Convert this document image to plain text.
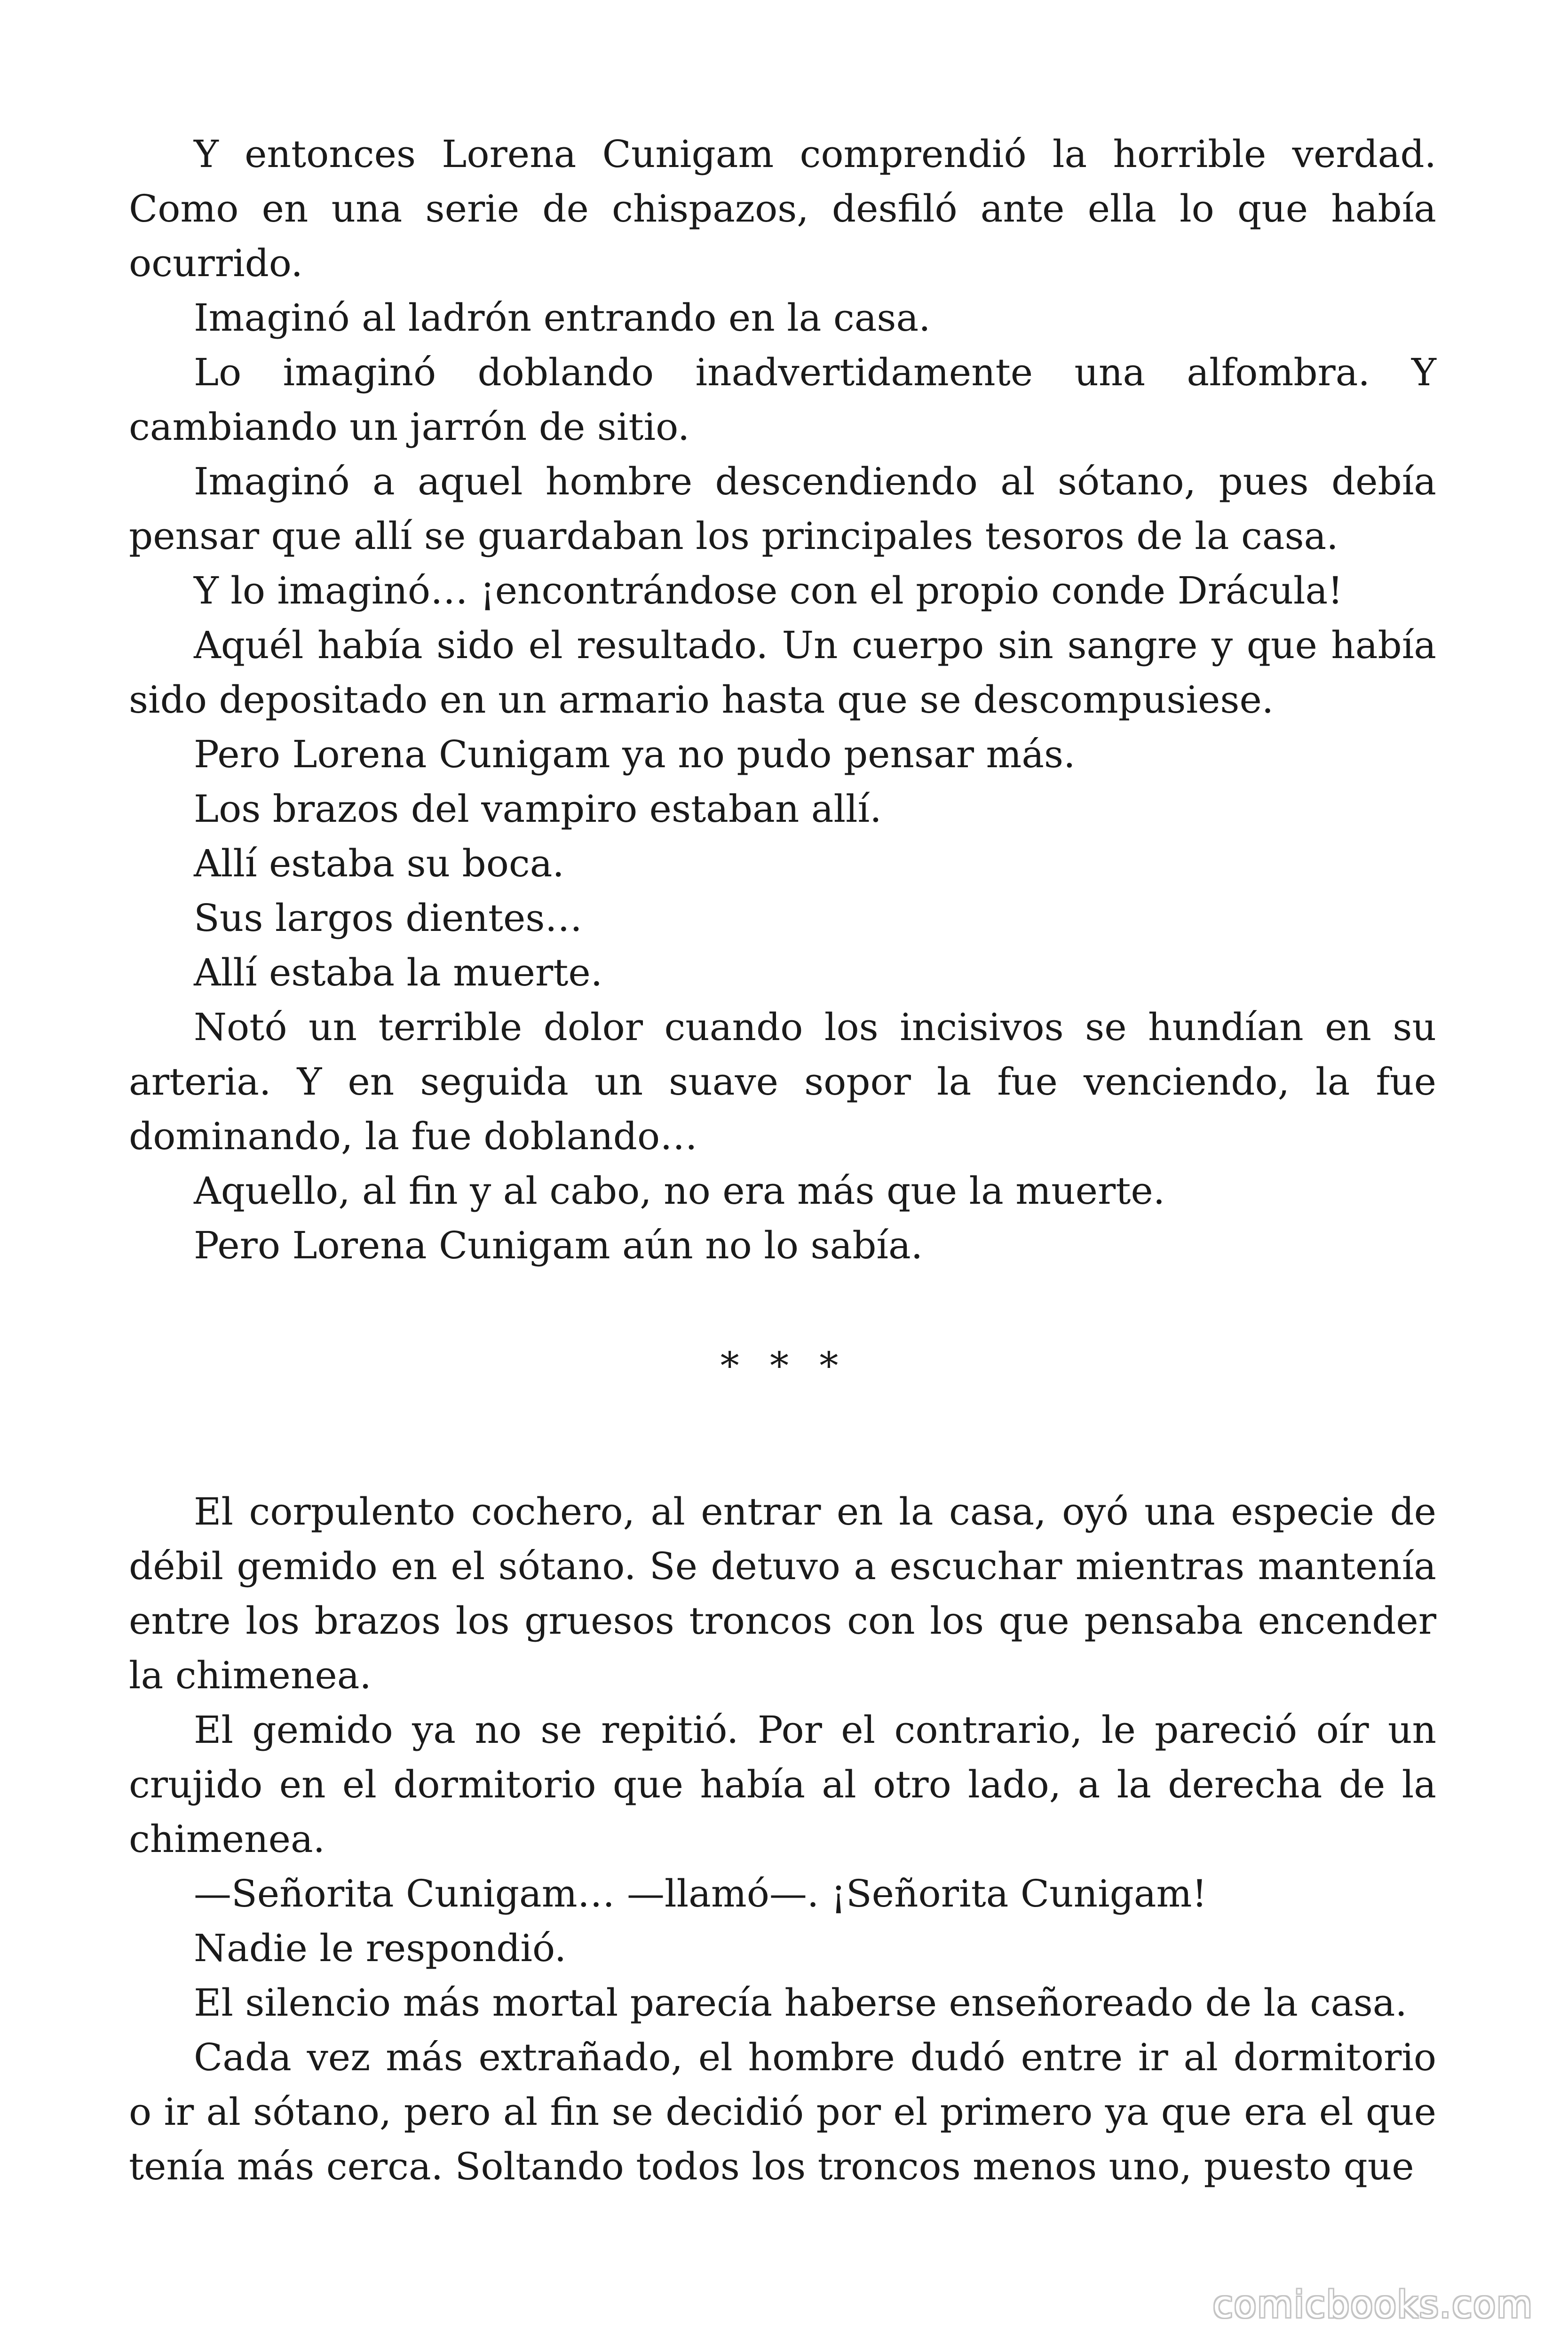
Y entonces Lorena Cunigam comprendió la horrible verdad. Como en una serie de chispazos, desfiló ante ella lo que había ocurrido.

Imaginó al ladrón entrando en la casa.

Lo imaginó doblando inadvertidamente una alfombra. Y cambiando un jarrón de sitio.

Imaginó a aquel hombre descendiendo al sótano, pues debía pensar que allí se guardaban los principales tesoros de la casa.

Y lo imaginó… ¡encontrándose con el propio conde Drácula!

Aquél había sido el resultado. Un cuerpo sin sangre y que había sido depositado en un armario hasta que se descompusiese.

Pero Lorena Cunigam ya no pudo pensar más.

Los brazos del vampiro estaban allí.

Allí estaba su boca.

Sus largos dientes…

Allí estaba la muerte.

Notó un terrible dolor cuando los incisivos se hundían en su arteria. Y en seguida un suave sopor la fue venciendo, la fue dominando, la fue doblando…

Aquello, al fin y al cabo, no era más que la muerte.

Pero Lorena Cunigam aún no lo sabía.

* * *

El corpulento cochero, al entrar en la casa, oyó una especie de débil gemido en el sótano. Se detuvo a escuchar mientras mantenía entre los brazos los gruesos troncos con los que pensaba encender la chimenea.

El gemido ya no se repitió. Por el contrario, le pareció oír un crujido en el dormitorio que había al otro lado, a la derecha de la chimenea.

—Señorita Cunigam… —llamó—. ¡Señorita Cunigam!

Nadie le respondió.

El silencio más mortal parecía haberse enseñoreado de la casa.

Cada vez más extrañado, el hombre dudó entre ir al dormitorio o ir al sótano, pero al fin se decidió por el primero ya que era el que tenía más cerca. Soltando todos los troncos menos uno, puesto que

comicbooks.com
